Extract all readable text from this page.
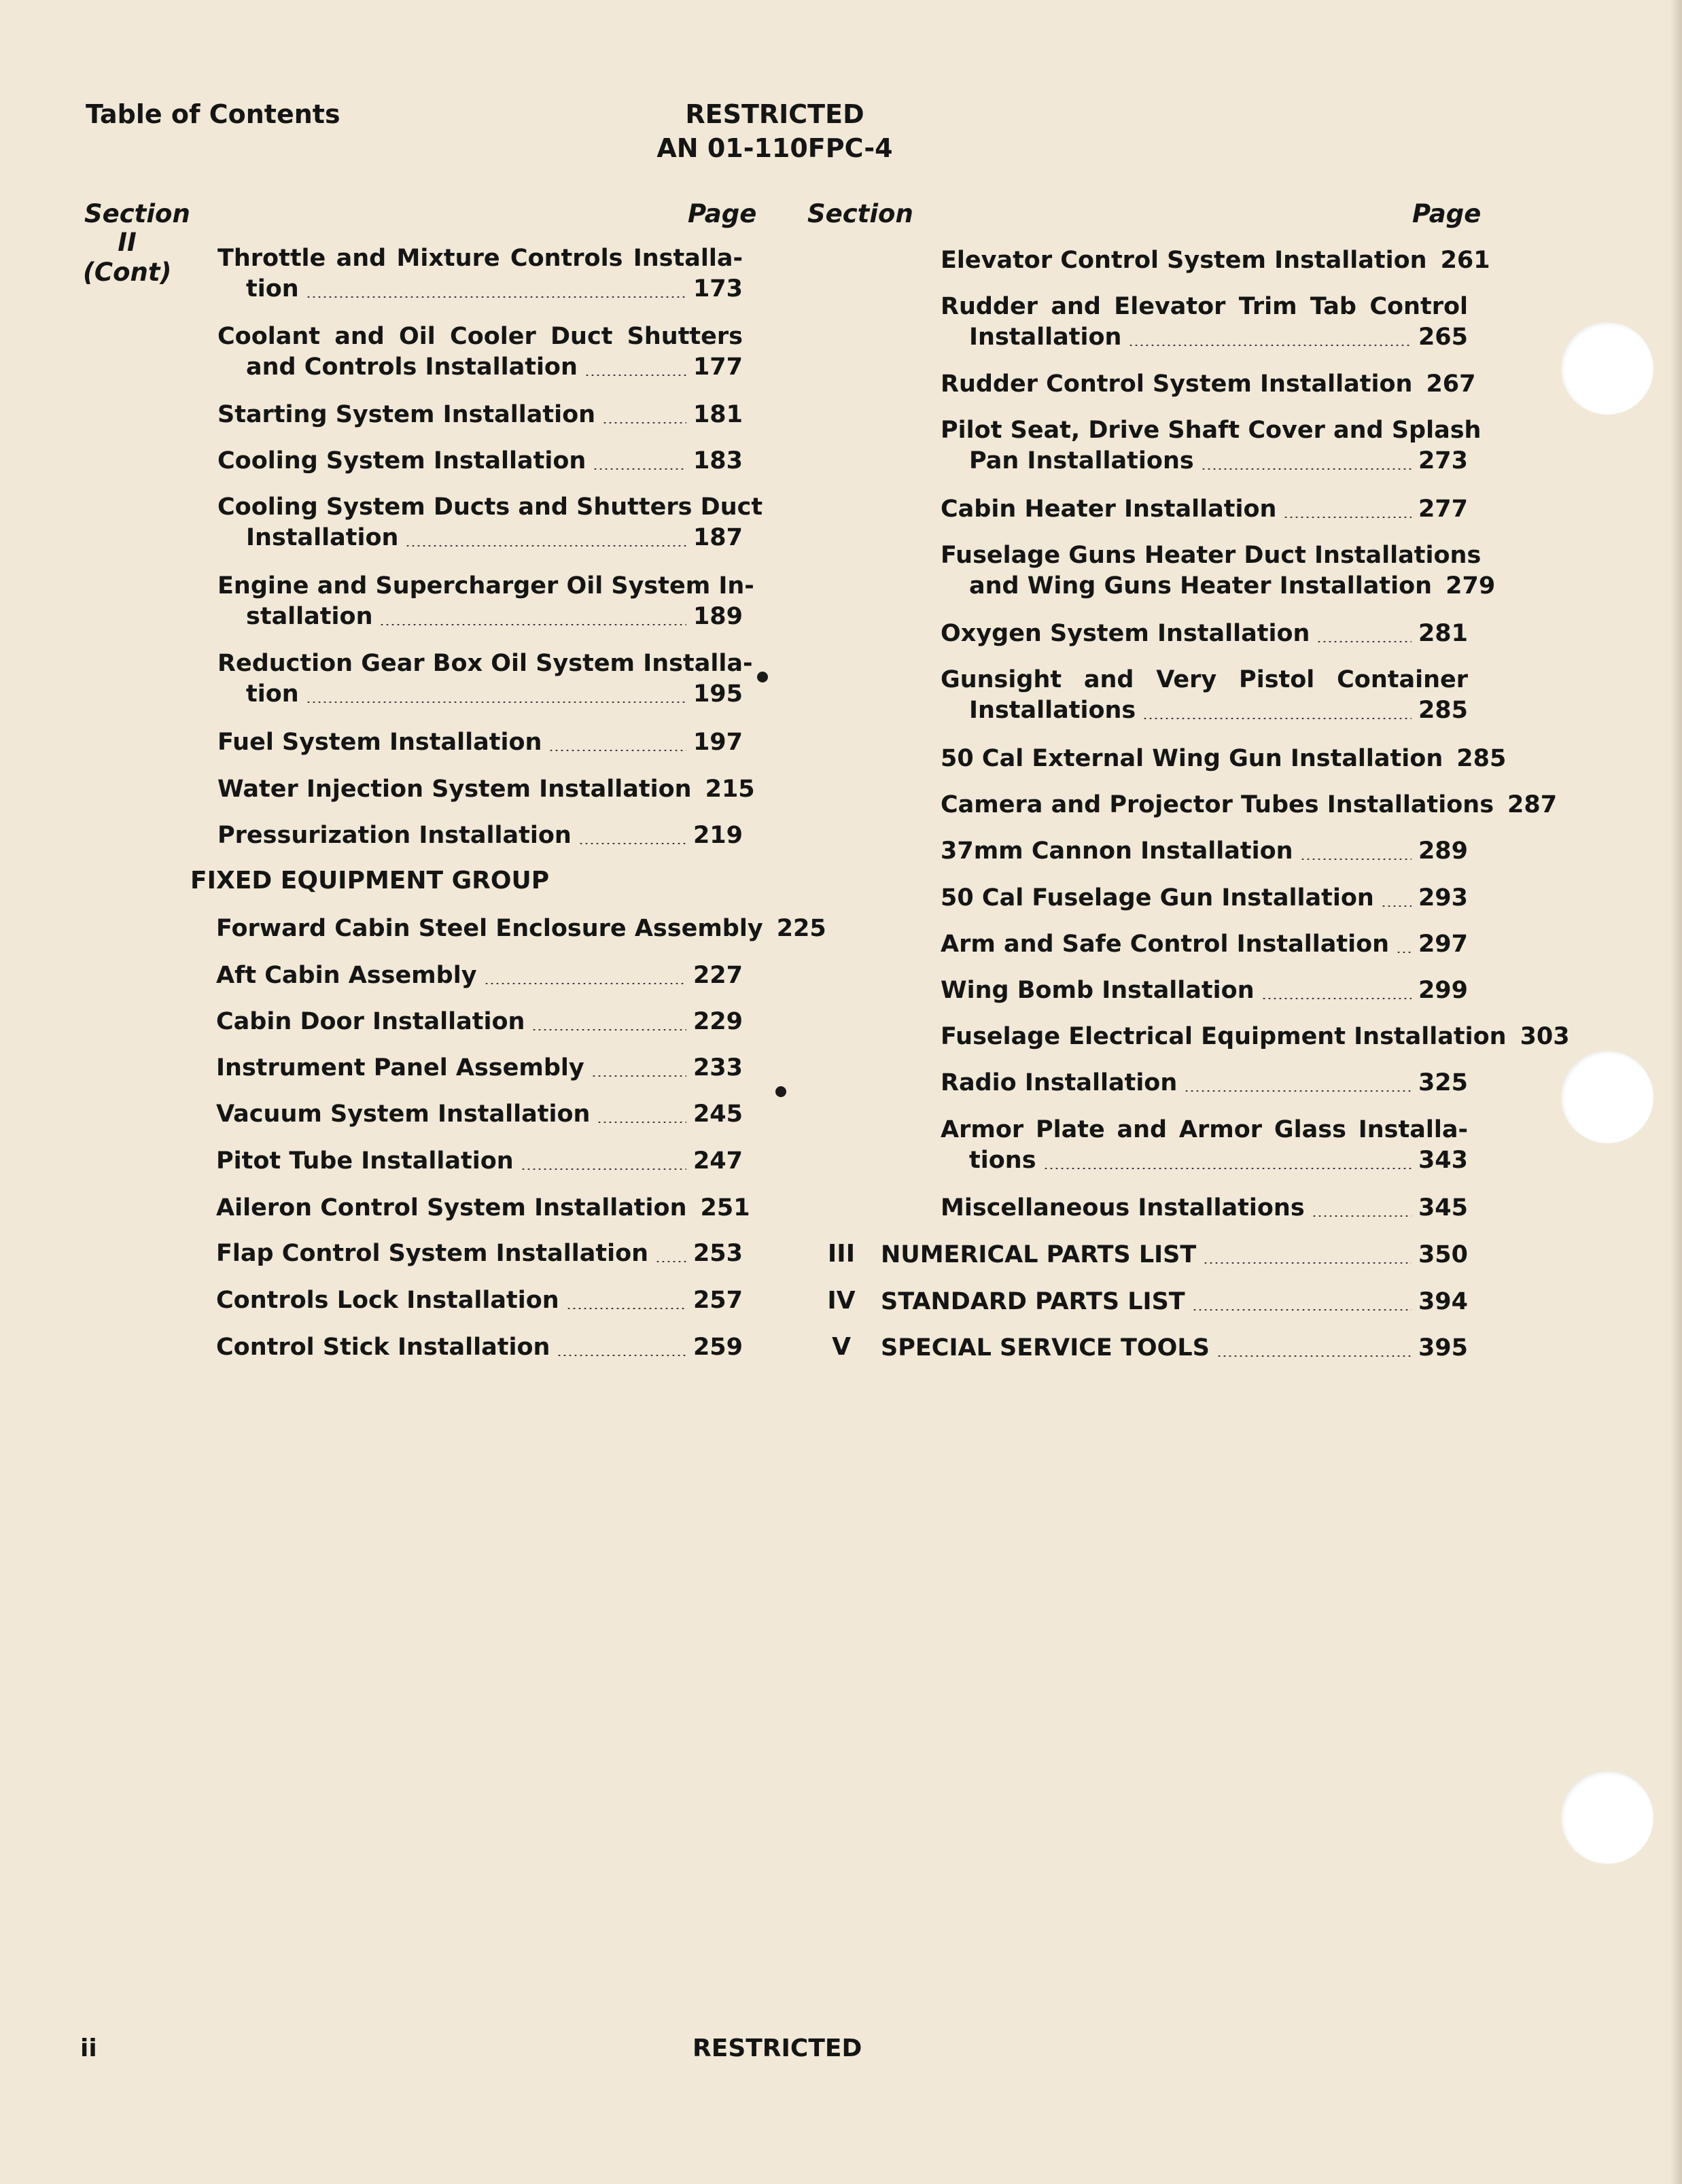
Table of Contents	RESTRICTED
AN 01-110FPC-4
Section	Page Section	Page
II
(Cont) Throttle and Mixture Controls Installa-
tion	173
Coolant and Oil Cooler Duct Shutters
and Controls Installation	177
Starting System Installation	181
Cooling System Installation	183
Cooling System Ducts and Shutters Duct
Installation	187
Engine and Supercharger Oil System In-
stallation	189
Reduction Gear Box Oil System Installa-
tion	195
Fuel System Installation	197
Water Injection System Installation 215
Pressurization Installation	219
FIXED EQUIPMENT GROUP
Forward Cabin Steel Enclosure Assembly 225
Aft Cabin Assembly	227
Cabin Door Installation	229
Instrument Panel Assembly	233
Vacuum System Installation	245
Pitot Tube Installation	247
Aileron Control System Installation 251
Flap Control System Installation 253
Controls Lock Installation	257
Control Stick Installation	259
Elevator Control System Installation 261
Rudder and Elevator Trim Tab Control
Installation	265
Rudder Control System Installation 267
Pilot Seat, Drive Shaft Cover and Splash
Pan Installations	273
Cabin Heater Installation	277
Fuselage Guns Heater Duct Installations
and Wing Guns Heater Installation 279
Oxygen System Installation	281
Gunsight and Very Pistol Container
Installations	285
50 Cal External Wing Gun Installation 285
Camera and Projector Tubes Installations 287
37mm Cannon Installation	289
50 Cal Fuselage Gun Installation 293
Arm and Safe Control Installation 297
Wing Bomb Installation	299
Fuselage Electrical Equipment Installation 303
Radio Installation	325
Armor Plate and Armor Glass Installa-
tions	343
Miscellaneous Installations	345
III NUMERICAL PARTS LIST	350
IV STANDARD PARTS LIST	394
V	SPECIAL SERVICE TOOLS	395
ii	RESTRICTED
